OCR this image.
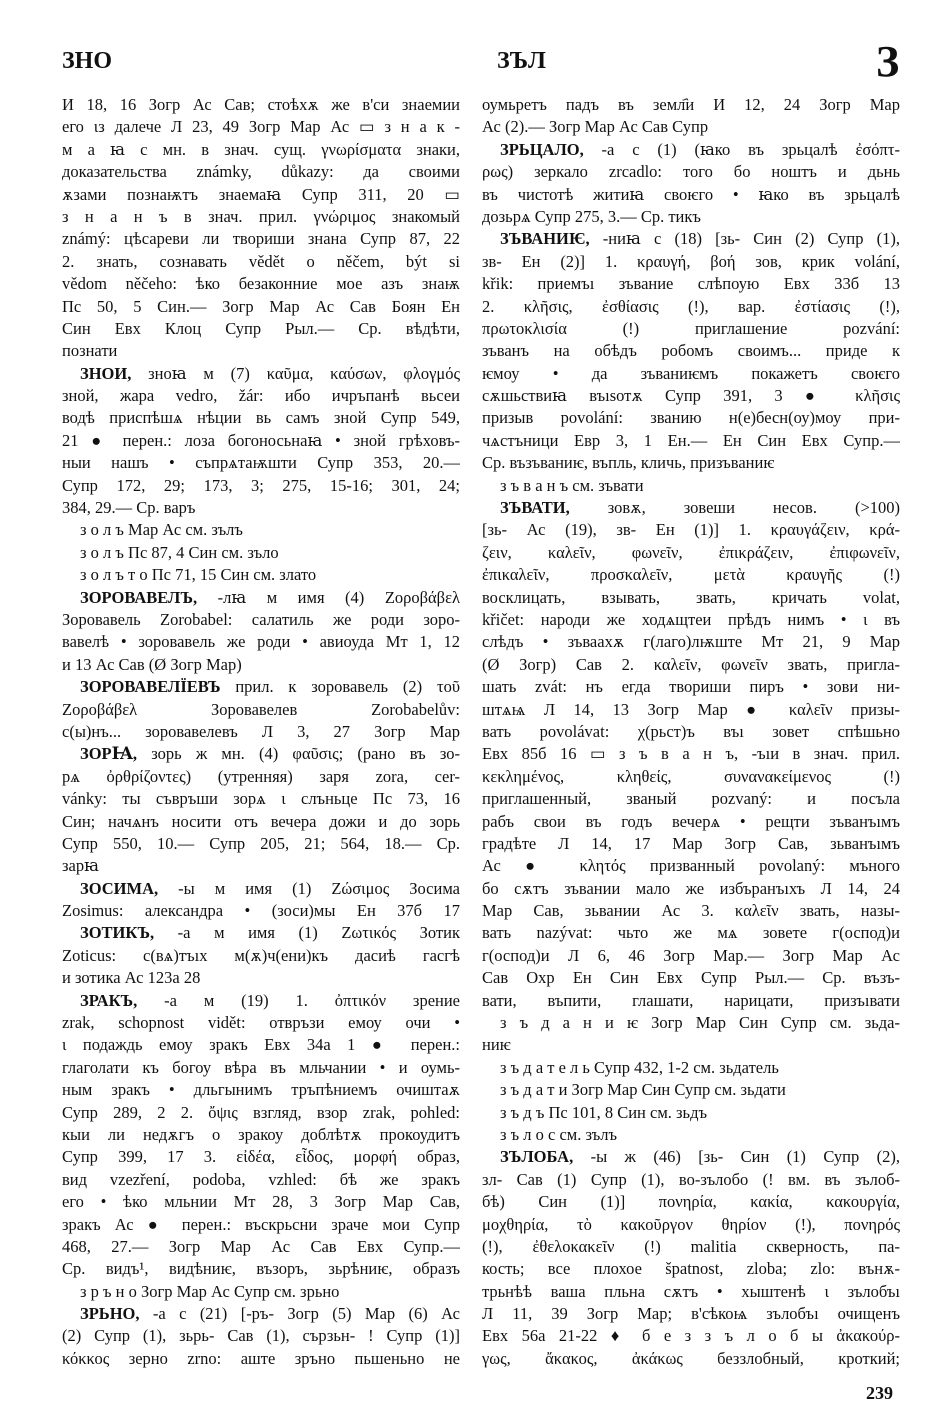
ЗНО	ЗЪЛ	З
И 18, 16 Зогр Ас Сав; стоѣхѫ же в'си знаемии
его ιз далече Л 23, 49 Зогр Мар Ас ▭ з н а к -
м а ꙗ с мн. в знач. сущ. γνωρίσματα знаки,
доказательства známky, důkazy: да своими
ѫзами познаѭтъ знаемаꙗ Супр 311, 20 ▭
з н а н ъ в знач. прил. γνώριμος знакомый
známý: цѣсареви ли твориши знана Супр 87, 22
2. знать, сознавать vědět o něčem, být si
vědom něčeho: ѣко безаконние мое азъ знаѭ
Пс 50, 5 Син.— Зогр Мар Ас Сав Боян Ен
Син Евх Клоц Супр Рыл.— Ср. вѣдѣти,
познати
ЗНОИ, зноꙗ м (7) καῦμα, καύσων, φλογμός
зной, жара vedro, žár: ибо ичръпанѣ вьсеи
водѣ приспѣшѧ нѣции вь самъ зной Супр 549,
21 ● перен.: лоза богоносьнаꙗ • зной грѣховъ-
ныи нашъ • съпрѧтаѭшти Супр 353, 20.—
Супр 172, 29; 173, 3; 275, 15-16; 301, 24;
384, 29.— Ср. варъ
з о л ъ Мар Ас см. зълъ
з о л ъ Пс 87, 4 Син см. зъло
з о л ъ т о Пс 71, 15 Син см. злато
ЗОРОВАВЕЛЪ, -лꙗ м имя (4) Ζοροβάβελ
Зоровавель Zorobabel: салатиль же роди зоро-
вавелѣ • зоровавель же роди • авиоуда Мт 1, 12
и 13 Ас Сав (Ø Зогр Мар)
ЗОРОВАВЕЛЇЕВЪ прил. к зоровавель (2) τοῦ
Ζοροβάβελ Зоровавелев Zorobabelův:
с(ы)нъ... зоровавелевъ Л 3, 27 Зогр Мар
ЗОРꙖ, зорь ж мн. (4) φαῦσις; (рано въ зо-
рѧ ὀρθρίζοντες) (утренняя) заря zora, cer-
vánky: ты съвръши зорѧ ι слъньце Пс 73, 16
Син; начѧнъ носити отъ вечера дожи и до зорь
Супр 550, 10.— Супр 205, 21; 564, 18.— Ср.
зарꙗ
ЗОСИМА, -ы м имя (1) Ζώσιμος Зосима
Zosimus: александра • (зоси)мы Ен 37б 17
ЗОТИКЪ, -а м имя (1) Ζωτικός Зотик
Zoticus: с(вѧ)тъıх м(ѫ)ч(ени)къ дасиѣ гасгѣ
и зотика Ас 123а 28
ЗРАКЪ, -а м (19) 1. ὀπτικόν зрение
zrak, schopnost vidět: отвръзи емоу очи •
ι подаждь емоу зракъ Евх 34а 1 ● перен.:
глаголати къ богоу вѣра въ мльчании • и оумь-
ным зракъ • дльгынимъ тръпѣниемъ очиштаѫ
Супр 289, 2 2. ὄψις взгляд, взор zrak, pohled:
кыи ли недѫгъ о зракоу доблѣтѫ прокоудитъ
Супр 399, 17 3. εἰδέα, εἶδος, μορφή образ,
вид vzezření, podoba, vzhled: бѣ же зракъ
его • ѣко мльнии Мт 28, 3 Зогр Мар Сав,
зракъ Ас ● перен.: въскрьсни зраче мои Супр
468, 27.— Зогр Мар Ас Сав Евх Супр.—
Ср. видъ¹, видѣниѥ, възоръ, зьрѣниѥ, образъ
з р ъ н о Зогр Мар Ас Супр см. зрьно
ЗРЬНО, -а с (21) [-ръ- Зогр (5) Мар (6) Ас
(2) Супр (1), зьрь- Сав (1), сързьн- ! Супр (1)]
κόκκος зерно zrno: аште зръно пьшеньно не
оумьретъ падъ въ земл҄и И 12, 24 Зогр Мар
Ас (2).— Зогр Мар Ас Сав Супр
ЗРЬЦАЛО, -а с (1) (ꙗко въ зрьцалѣ ἐσόπτ-
ρως) зеркало zrcadlo: того бо ноштъ и дьнь
въ чистотѣ житиꙗ своѥго • ꙗко въ зрьцалѣ
дозьрѧ Супр 275, 3.— Ср. тикъ
ЗЪВАНИѤ, -ниꙗ с (18) [зь- Син (2) Супр (1),
зв- Ен (2)] 1. κραυγή, βοή зов, крик volání,
křik: приемъı зъвание слѣпоую Евх 33б 13
2. κλῆσις, ἐσθίασις (!), вар. ἐστίασις (!),
πρωτοκλισία (!) приглашение pozvání:
зъванъ на обѣдъ робомъ своимъ... приде к
ѥмоу • да зъваниѥмъ покажетъ своѥго
сѫшьствиꙗ въısотѫ Супр 391, 3 ● κλῆσις
призыв povolání: званию н(е)бесн(оу)моу при-
чѧстъници Евр 3, 1 Ен.— Ен Син Евх Супр.—
Ср. възъваниѥ, въпль, кличь, призъваниѥ
з ъ в а н ъ см. зъвати
ЗЪВАТИ, зовѫ, зовеши несов. (>100)
[зь- Ас (19), зв- Ен (1)] 1. κραυγάζειν, κρά-
ζειν, καλεῖν, φωνεῖν, ἐπικράζειν, ἐπιφωνεῖν,
ἐπικαλεῖν, προσκαλεῖν, μετὰ κραυγῆς (!)
восклицать, взывать, звать, кричать volat,
křičet: народи же ходѧщтеи прѣдъ нимъ • ι въ
слѣдъ • зъваахѫ г(лаго)лѭште Мт 21, 9 Мар
(Ø Зогр) Сав 2. καλεῖν, φωνεῖν звать, пригла-
шать zvát: нъ егда твориши пиръ • зови ни-
штѧѩ Л 14, 13 Зогр Мар ● καλεῖν призы-
вать povolávat: χ(рьст)ъ въı зовет спѣшьно
Евх 85б 16 ▭ з ъ в а н ъ, -ъıи в знач. прил.
κεκλημένος, κληθείς, συνανακείμενος (!)
приглашенный, званый pozvaný: и посъла
рабъ свои въ годъ вечерѧ • рещти зъванъıмъ
градѣте Л 14, 17 Мар Зогр Сав, зьванъıмъ
Ас ● κλητός призванный povolaný: мъного
бо сѫтъ зъвании мало же избъранъıхъ Л 14, 24
Мар Сав, зьвании Ас 3. καλεῖν звать, назы-
вать nazývat: чьто же мѧ зовете г(оспод)и
г(оспод)и Л 6, 46 Зогр Мар.— Зогр Мар Ас
Сав Охр Ен Син Евх Супр Рыл.— Ср. възъ-
вати, въпити, глашати, нарицати, призъıвати
з ъ д а н и ѥ Зогр Мар Син Супр см. зьда-
ниѥ
з ъ д а т е л ь Супр 432, 1-2 см. зьдатель
з ъ д а т и Зогр Мар Син Супр см. зьдати
з ъ д ъ Пс 101, 8 Син см. зьдъ
з ъ л о с см. зълъ
ЗЪЛОБА, -ы ж (46) [зь- Син (1) Супр (2),
зл- Сав (1) Супр (1), во-зълобо (! вм. въ зълоб-
бѣ) Син (1)] πονηρία, κακία, κακουργία,
μοχθηρία, τὸ κακοῦργον θηρίον (!), πονηρός
(!), ἐθελοκακεῖν (!) malitia скверность, па-
кость; все плохое špatnost, zloba; zlo: вънѫ-
трьнѣѣ ваша пльна сѫтъ • хыштенѣ ι зълобъı
Л 11, 39 Зогр Мар; в'сѣкоѩ зълобъı очищенъ
Евх 56а 21-22 ♦ б е з з ъ л о б ы ἀκακούρ-
γως, ἄκακος, ἀκάκως беззлобный, кроткий;
239
